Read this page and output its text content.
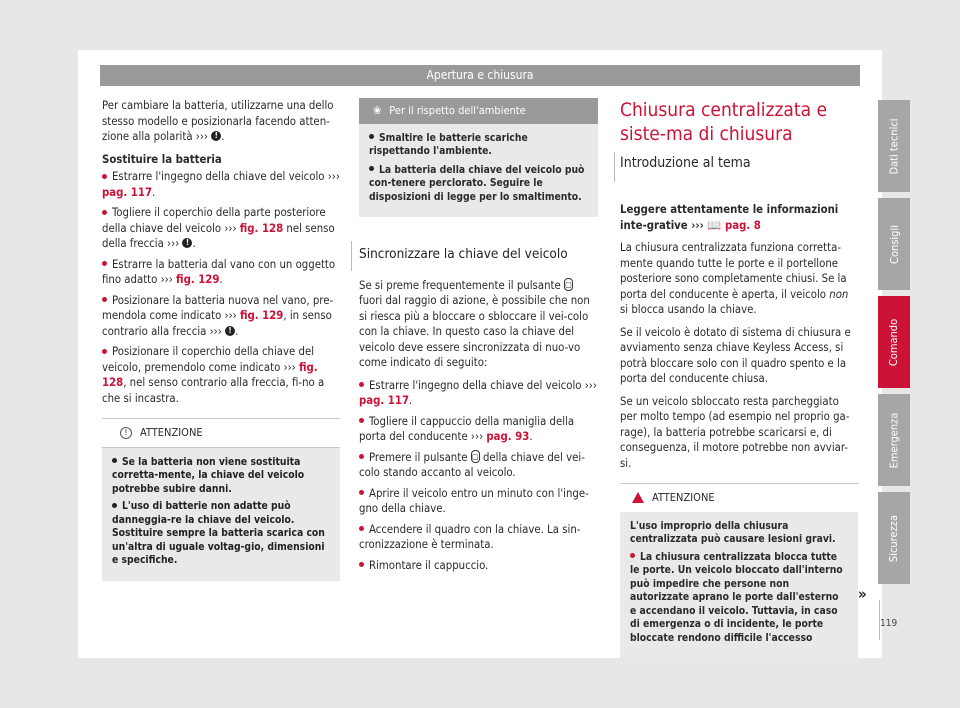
Apertura e chiusura

Per cambiare la batteria, utilizzarne una dello stesso modello e posizionarla facendo atten-zione alla polarità ››› ! .

Sostituire la batteria

Estrarre l'ingegno della chiave del veicolo ››› pag. 117.
Togliere il coperchio della parte posteriore della chiave del veicolo ››› fig. 128 nel senso della freccia ››› ! .
Estrarre la batteria dal vano con un oggetto fino adatto ››› fig. 129.
Posizionare la batteria nuova nel vano, pre-mendola come indicato ››› fig. 129, in senso contrario alla freccia ››› ! .
Posizionare il coperchio della chiave del veicolo, premendolo come indicato ››› fig. 128, nel senso contrario alla freccia, fi-no a che si incastra.
!	ATTENZIONE
Se la batteria non viene sostituita corretta-mente, la chiave del veicolo potrebbe subire danni.
L'uso di batterie non adatte può danneggia-re la chiave del veicolo. Sostituire sempre la batteria scarica con un'altra di uguale voltag-gio, dimensioni e specifiche.
❀ Per il rispetto dell'ambiente
Smaltire le batterie scariche rispettando l'ambiente.
La batteria della chiave del veicolo può con-tenere perclorato. Seguire le disposizioni di legge per lo smaltimento.
Sincronizzare la chiave del veicolo

Se si preme frequentemente il pulsante ▢ fuori dal raggio di azione, è possibile che non si riesca più a bloccare o sbloccare il vei-colo con la chiave. In questo caso la chiave del veicolo deve essere sincronizzata di nuo-vo come indicato di seguito:

Estrarre l'ingegno della chiave del veicolo ››› pag. 117.
Togliere il cappuccio della maniglia della porta del conducente ››› pag. 93.
Premere il pulsante ▢ della chiave del vei-colo stando accanto al veicolo.
Aprire il veicolo entro un minuto con l'inge-gno della chiave.
Accendere il quadro con la chiave. La sin-cronizzazione è terminata.
Rimontare il cappuccio.
Chiusura centralizzata e siste-ma di chiusura
Introduzione al tema

Leggere attentamente le informazioni inte-grative ››› 📖 pag. 8

La chiusura centralizzata funziona corretta-mente quando tutte le porte e il portellone posteriore sono completamente chiusi. Se la porta del conducente è aperta, il veicolo non si blocca usando la chiave.

Se il veicolo è dotato di sistema di chiusura e avviamento senza chiave Keyless Access, si potrà bloccare solo con il quadro spento e la porta del conducente chiusa.

Se un veicolo sbloccato resta parcheggiato per molto tempo (ad esempio nel proprio ga-rage), la batteria potrebbe scaricarsi e, di conseguenza, il motore potrebbe non avviar-si.

ATTENZIONE
L'uso improprio della chiusura centralizzata può causare lesioni gravi.
La chiusura centralizzata blocca tutte le porte. Un veicolo bloccato dall'interno può impedire che persone non autorizzate aprano le porte dall'esterno e accendano il veicolo. Tuttavia, in caso di emergenza o di incidente, le porte bloccate rendono difficile l'accesso
»
Dati tecnici
Consigli
Comando
Emergenza
Sicurezza
119
